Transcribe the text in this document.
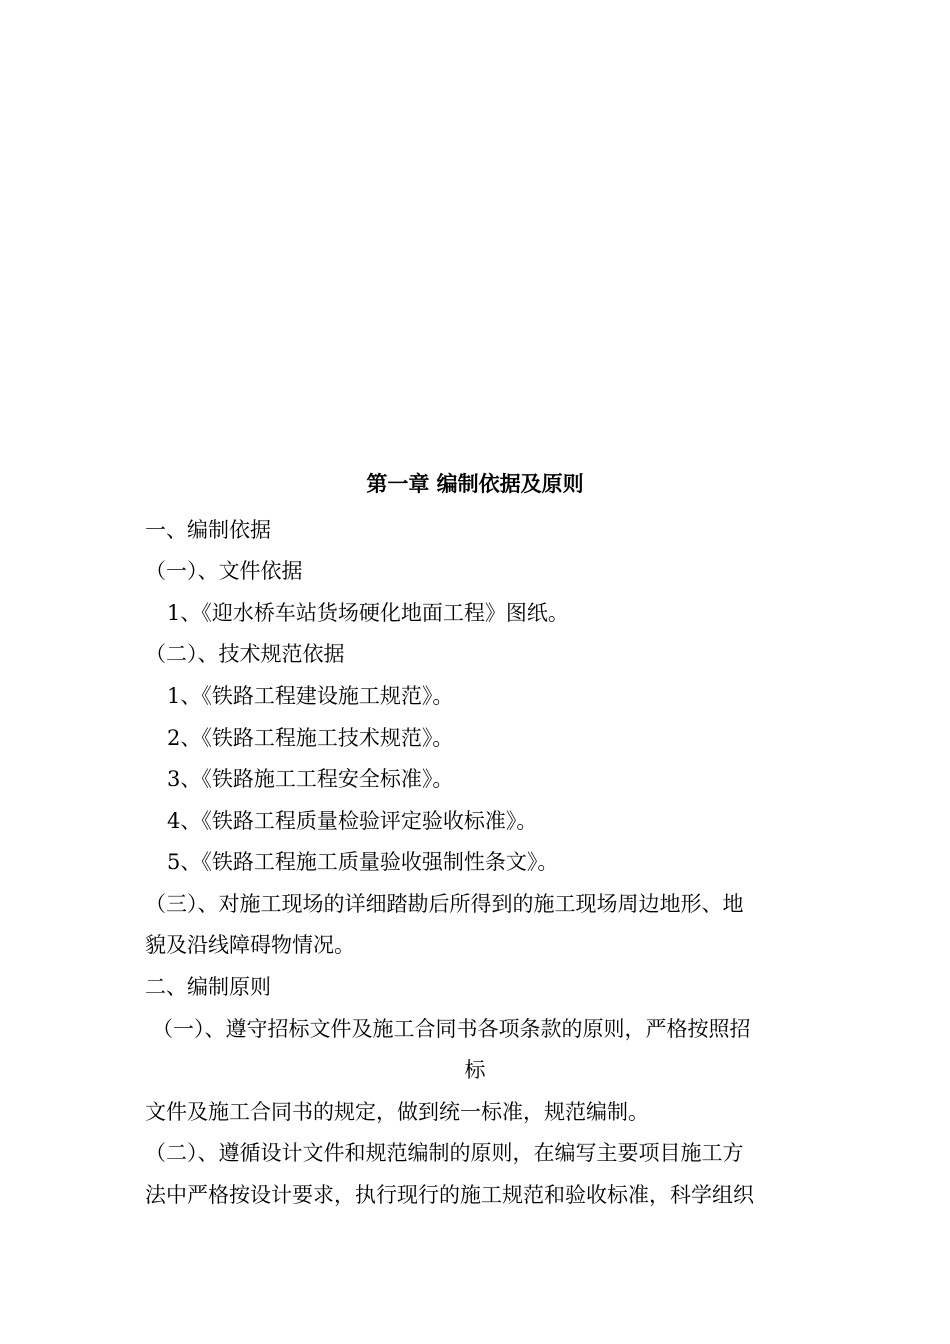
第一章 编制依据及原则
一、编制依据
（一）、文件依据
1、《迎水桥车站货场硬化地面工程》图纸。
（二）、技术规范依据
1、《铁路工程建设施工规范》。
2、《铁路工程施工技术规范》。
3、《铁路施工工程安全标准》。
4、《铁路工程质量检验评定验收标准》。
5、《铁路工程施工质量验收强制性条文》。
（三）、对施工现场的详细踏勘后所得到的施工现场周边地形、地
貌及沿线障碍物情况。
二、编制原则
（一）、遵守招标文件及施工合同书各项条款的原则，严格按照招
标
文件及施工合同书的规定，做到统一标准，规范编制。
（二）、遵循设计文件和规范编制的原则，在编写主要项目施工方
法中严格按设计要求，执行现行的施工规范和验收标准，科学组织
